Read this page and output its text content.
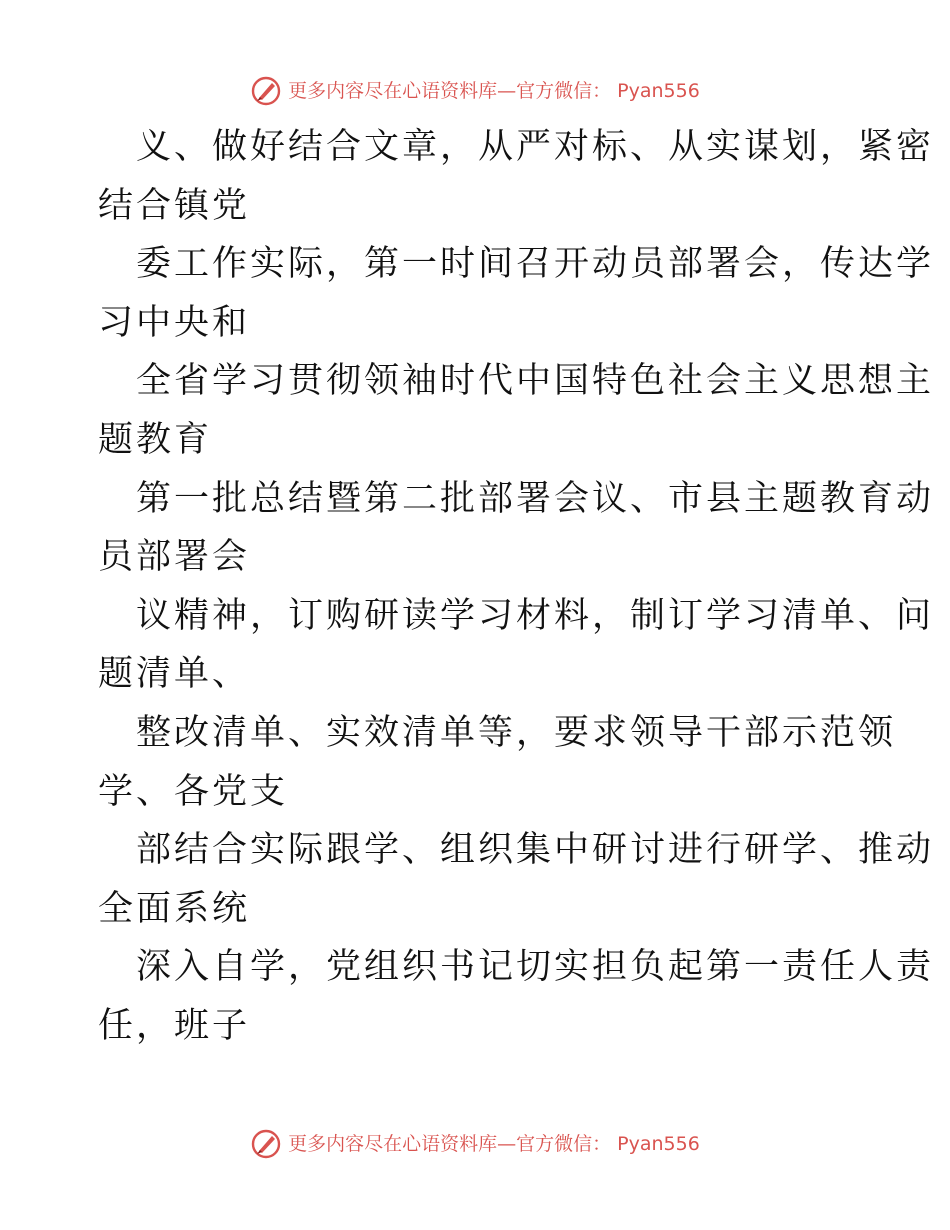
更多内容尽在心语资料库—官方微信： Pyan556
义、做好结合文章，从严对标、从实谋划，紧密
结合镇党
委工作实际，第一时间召开动员部署会，传达学
习中央和
全省学习贯彻领袖时代中国特色社会主义思想主
题教育
第一批总结暨第二批部署会议、市县主题教育动
员部署会
议精神，订购研读学习材料，制订学习清单、问
题清单、
整改清单、实效清单等，要求领导干部示范领
学、各党支
部结合实际跟学、组织集中研讨进行研学、推动
全面系统
深入自学，党组织书记切实担负起第一责任人责
任，班子
更多内容尽在心语资料库—官方微信： Pyan556
